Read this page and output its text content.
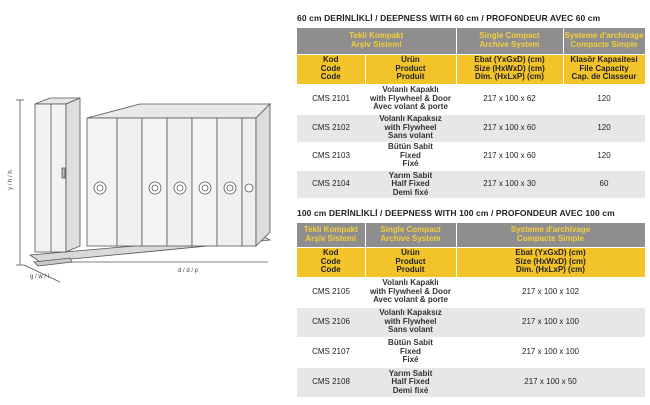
y / h / h
g / w / l
d / d / p
60 cm DERİNLİKLİ / DEEPNESS WITH 60 cm / PROFONDEUR AVEC 60 cm
Tekli Kompakt
Arşiv Sistemi		Single Compact
Archive System	Systeme d'archivage
Compacte Simple

Kod
Code
Code	Ürün
Product
Produit	Ebat (YxGxD) (cm)
Size (HxWxD) (cm)
Dim. (HxLxP) (cm)	Klasör Kapasitesi
File Capacity
Cap. de Classeur

CMS 2101	Volanlı Kapaklı
with Flywheel & Door
Avec volant & porte	217 x 100 x 62	120
CMS 2102	Volanlı Kapaksız
with Flywheel
Sans volant	217 x 100 x 60	120
CMS 2103	Bütün Sabit
Fixed
Fixé	217 x 100 x 60	120
CMS 2104	Yarım Sabit
Half Fixed
Demi fixé	217 x 100 x 30	60
100 cm DERİNLİKLİ / DEEPNESS WITH 100 cm / PROFONDEUR AVEC 100 cm
Tekli Kompakt
Arşiv Sistemi	Single Compact
Archive System	Systeme d'archivage
Compacte Simple

Kod
Code
Code	Ürün
Product
Produit	Ebat (YxGxD) (cm)
Size (HxWxD) (cm)
Dim. (HxLxP) (cm)

CMS 2105	Volanlı Kapaklı
with Flywheel & Door
Avec volant & porte	217 x 100 x 102
CMS 2106	Volanlı Kapaksız
with Flywheel
Sans volant	217 x 100 x 100
CMS 2107	Bütün Sabit
Fixed
Fixé	217 x 100 x 100
CMS 2108	Yarım Sabit
Half Fixed
Demi fixé	217 x 100 x 50
